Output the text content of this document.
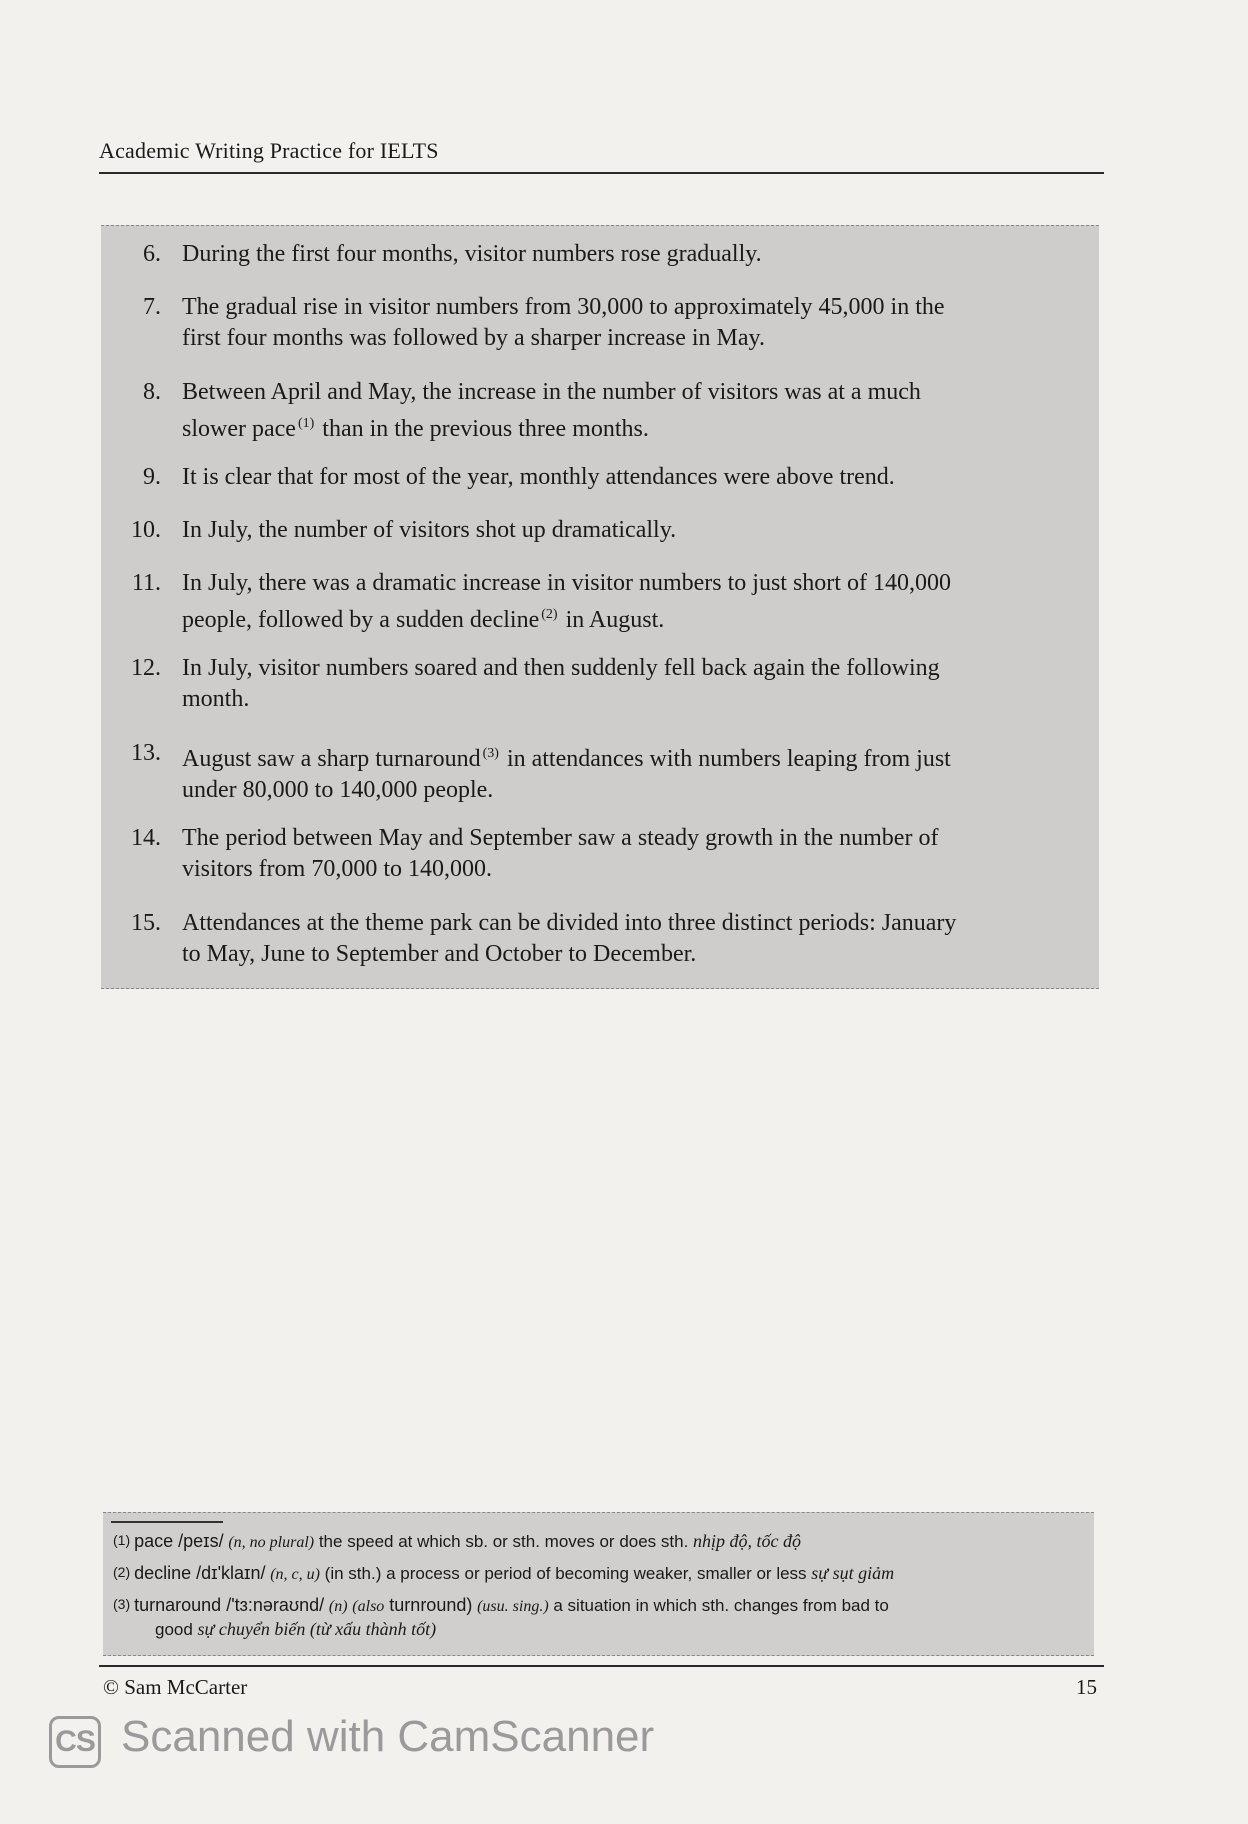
Academic Writing Practice for IELTS
6. During the first four months, visitor numbers rose gradually.
7. The gradual rise in visitor numbers from 30,000 to approximately 45,000 in the
first four months was followed by a sharper increase in May.
8. Between April and May, the increase in the number of visitors was at a much
slower pace $^{(1)}$ than in the previous three months.
9. It is clear that for most of the year, monthly attendances were above trend.
10. In July, the number of visitors shot up dramatically.
11. In July, there was a dramatic increase in visitor numbers to just short of 140,000
people, followed by a sudden decline $^{(2)}$ in August.
12. In July, visitor numbers soared and then suddenly fell back again the following
month.
13. August saw a sharp turnaround $^{(3)}$ in attendances with numbers leaping from just
under 80,000 to 140,000 people.
14. The period between May and September saw a steady growth in the number of
visitors from 70,000 to 140,000.
15. Attendances at the theme park can be divided into three distinct periods: January
to May, June to September and October to December.
(1) pace /peɪs/ (n, no plural) the speed at which sb. or sth. moves or does sth. nhịp độ, tốc độ
(2) decline /dɪ'klaɪn/ (n, c, u) (in sth.) a process or period of becoming weaker, smaller or less sự sụt giảm
(3) turnaround /'tɜ:nəraʊnd/ (n) (also turnround) (usu. sing.) a situation in which sth. changes from bad to
good sự chuyển biến (từ xấu thành tốt)
© Sam McCarter	15
CS Scanned with CamScanner
